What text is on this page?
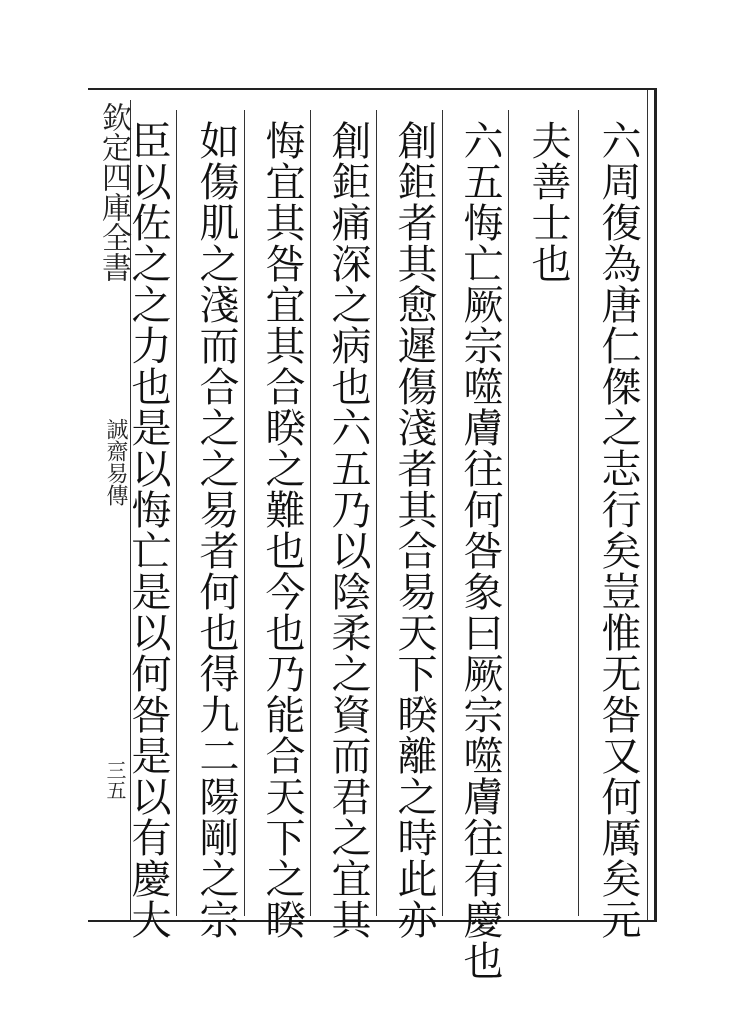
欽定四庫全書
誠齋易傳
三五	六周復為唐仁傑之志行矣豈惟无咎又何厲矣元
夫善士也
六五悔亡厥宗噬膚往何咎象曰厥宗噬膚往有慶也
創鉅者其愈遲傷淺者其合易天下睽離之時此亦
創鉅痛深之病也六五乃以陰柔之資而君之宜其
悔宜其咎宜其合睽之難也今也乃能合天下之睽
如傷肌之淺而合之之易者何也得九二陽剛之宗
臣以佐之之力也是以悔亡是以何咎是以有慶大
